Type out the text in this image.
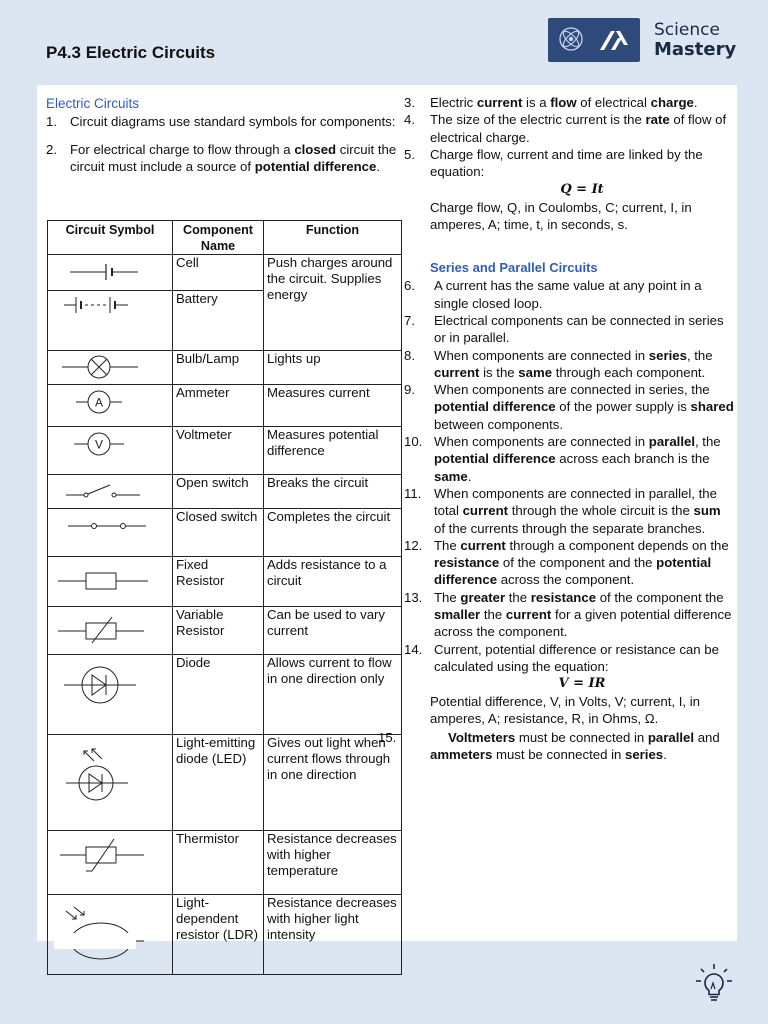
P4.3 Electric Circuits
Science
Mastery
Electric Circuits
1. Circuit diagrams use standard symbols for components:
2. For electrical charge to flow through a closed circuit the circuit must include a source of potential difference.
Circuit Symbol	Component Name	Function

	Cell	Push charges around the circuit. Supplies energy

	Battery	

	Bulb/Lamp	Lights up

A	Ammeter	Measures current

V	Voltmeter	Measures potential difference

	Open switch	Breaks the circuit

	Closed switch	Completes the circuit

	Fixed Resistor	Adds resistance to a circuit

	Variable Resistor	Can be used to vary current

	Diode	Allows current to flow in one direction only

	Light-emitting diode (LED)	Gives out light when current flows through in one direction

	Thermistor	Resistance decreases with higher temperature

	Light-dependent resistor (LDR)	Resistance decreases with higher light intensity
3.	Electric current is a flow of electrical charge.
4.	The size of the electric current is the rate of flow of electrical charge.
5.	Charge flow, current and time are linked by the equation:
Q = It
Charge flow, Q, in Coulombs, C; current, I, in amperes, A; time, t, in seconds, s.
Series and Parallel Circuits
6.	A current has the same value at any point in a single closed loop.
7.	Electrical components can be connected in series or in parallel.
8.	When components are connected in series, the current is the same through each component.
9.	When components are connected in series, the potential difference of the power supply is shared between components.
10. When components are connected in parallel, the potential difference across each branch is the same.
11. When components are connected in parallel, the total current through the whole circuit is the sum of the currents through the separate branches.
12. The current through a component depends on the resistance of the component and the potential difference across the component.
13. The greater the resistance of the component the smaller the current for a given potential difference across the component.
14. Current, potential difference or resistance can be calculated using the equation:
V = IR
Potential difference, V, in Volts, V; current, I, in amperes, A; resistance, R, in Ohms, Ω.
15.	Voltmeters must be connected in parallel and ammeters must be connected in series.
